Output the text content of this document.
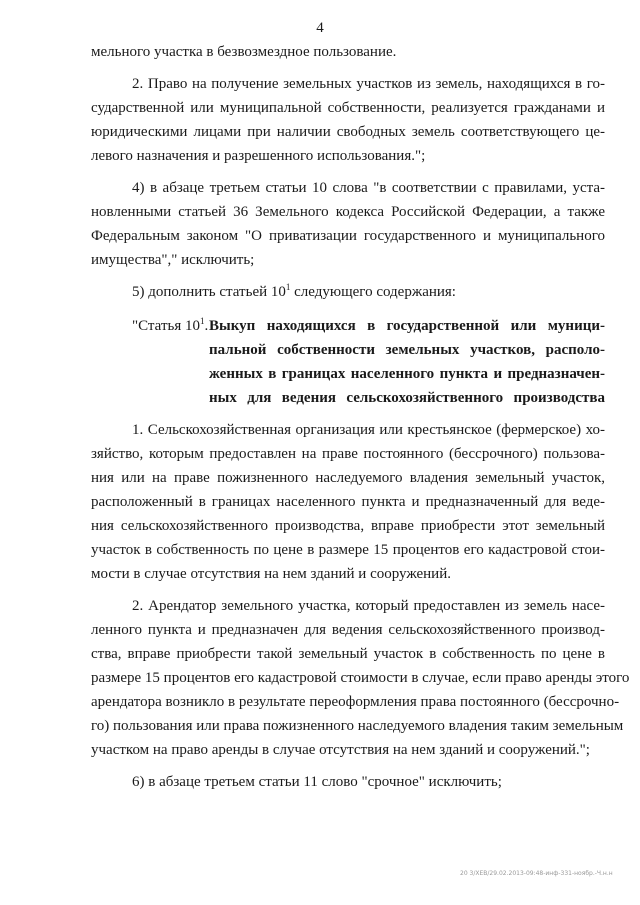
4
мельного участка в безвозмездное пользование.
2. Право на получение земельных участков из земель, находящихся в го-
сударственной или муниципальной собственности, реализуется гражданами и
юридическими лицами при наличии свободных земель соответствующего це-
левого назначения и разрешенного использования.";
4) в абзаце третьем статьи 10 слова "в соответствии с правилами, уста-
новленными статьей 36 Земельного кодекса Российской Федерации, а также
Федеральным законом "О приватизации государственного и муниципального
имущества"," исключить;
5) дополнить статьей $10^1$ следующего содержания:
"Статья $10^1$. Выкуп находящихся в государственной или муници-
пальной собственности земельных участков, располо-
женных в границах населенного пункта и предназначен-
ных для ведения сельскохозяйственного производства
1. Сельскохозяйственная организация или крестьянское (фермерское) хо-
зяйство, которым предоставлен на праве постоянного (бессрочного) пользова-
ния или на праве пожизненного наследуемого владения земельный участок,
расположенный в границах населенного пункта и предназначенный для веде-
ния сельскохозяйственного производства, вправе приобрести этот земельный
участок в собственность по цене в размере 15 процентов его кадастровой стои-
мости в случае отсутствия на нем зданий и сооружений.
2. Арендатор земельного участка, который предоставлен из земель насе-
ленного пункта и предназначен для ведения сельскохозяйственного производ-
ства, вправе приобрести такой земельный участок в собственность по цене в
размере 15 процентов его кадастровой стоимости в случае, если право аренды этого
арендатора возникло в результате переоформления права постоянного (бессрочно-
го) пользования или права пожизненного наследуемого владения таким земельным
участком на право аренды в случае отсутствия на нем зданий и сооружений.";
6) в абзаце третьем статьи 11 слово "срочное" исключить;
20 3/XEB/29.02.2013-09:48-инф-331-ноябр.-Ч.н.н
